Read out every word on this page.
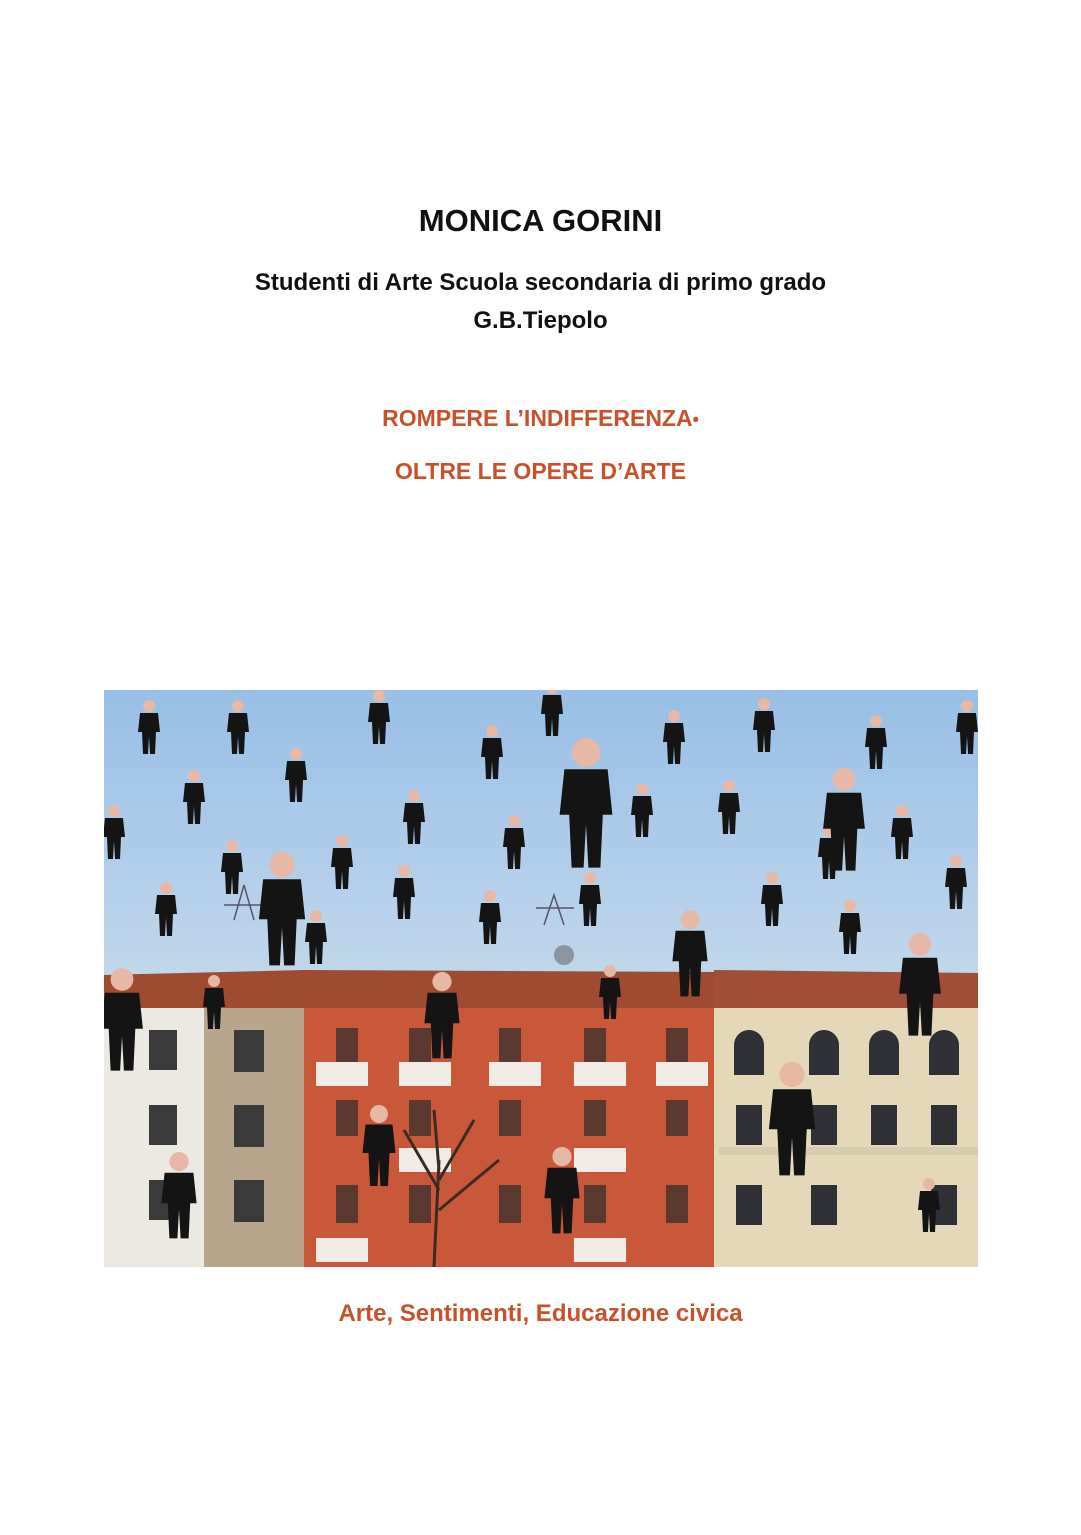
MONICA GORINI
Studenti di Arte Scuola secondaria di primo grado
G.B.Tiepolo
ROMPERE L’INDIFFERENZA•
OLTRE LE OPERE D’ARTE
Arte, Sentimenti, Educazione civica
